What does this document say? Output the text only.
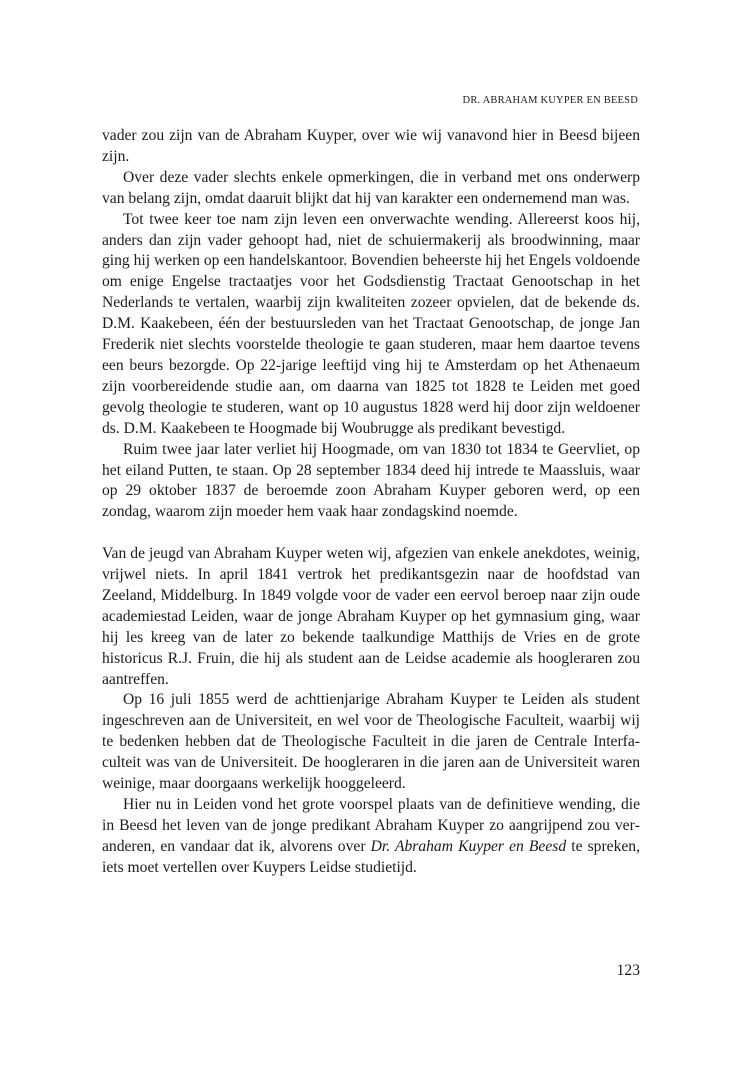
DR. ABRAHAM KUYPER EN BEESD

vader zou zijn van de Abraham Kuyper, over wie wij vanavond hier in Beesd bijeen zijn.

Over deze vader slechts enkele opmerkingen, die in verband met ons onderwerp van belang zijn, omdat daaruit blijkt dat hij van karakter een ondernemend man was.

Tot twee keer toe nam zijn leven een onverwachte wending. Allereerst koos hij, anders dan zijn vader gehoopt had, niet de schuiermakerij als broodwinning, maar ging hij werken op een handelskantoor. Bovendien beheerste hij het Engels voldoende om enige Engelse tractaatjes voor het Godsdienstig Tractaat Genootschap in het Nederlands te vertalen, waarbij zijn kwaliteiten zozeer opvielen, dat de bekende ds. D.M. Kaakebeen, één der bestuursleden van het Tractaat Genootschap, de jonge Jan Frederik niet slechts voorstelde theologie te gaan studeren, maar hem daartoe tevens een beurs bezorgde. Op 22-jarige leeftijd ving hij te Amsterdam op het Athenaeum zijn voorbereidende studie aan, om daarna van 1825 tot 1828 te Leiden met goed gevolg theologie te studeren, want op 10 augustus 1828 werd hij door zijn weldoener ds. D.M. Kaakebeen te Hoogmade bij Woubrugge als predikant bevestigd.

Ruim twee jaar later verliet hij Hoogmade, om van 1830 tot 1834 te Geervliet, op het eiland Putten, te staan. Op 28 september 1834 deed hij intrede te Maassluis, waar op 29 oktober 1837 de beroemde zoon Abraham Kuyper geboren werd, op een zondag, waarom zijn moeder hem vaak haar zondagskind noemde.

Van de jeugd van Abraham Kuyper weten wij, afgezien van enkele anekdotes, weinig, vrijwel niets. In april 1841 vertrok het predikantsgezin naar de hoofdstad van Zeeland, Middelburg. In 1849 volgde voor de vader een eervol beroep naar zijn oude academiestad Leiden, waar de jonge Abraham Kuyper op het gymnasium ging, waar hij les kreeg van de later zo bekende taalkundige Matthijs de Vries en de grote historicus R.J. Fruin, die hij als student aan de Leidse academie als hoogleraren zou aantreffen.

Op 16 juli 1855 werd de achttienjarige Abraham Kuyper te Leiden als student ingeschreven aan de Universiteit, en wel voor de Theologische Faculteit, waarbij wij te bedenken hebben dat de Theologische Faculteit in die jaren de Centrale Interfaculteit was van de Universiteit. De hoogleraren in die jaren aan de Universiteit waren weinige, maar doorgaans werkelijk hooggeleerd.

Hier nu in Leiden vond het grote voorspel plaats van de definitieve wending, die in Beesd het leven van de jonge predikant Abraham Kuyper zo aangrijpend zou veranderen, en vandaar dat ik, alvorens over Dr. Abraham Kuyper en Beesd te spreken, iets moet vertellen over Kuypers Leidse studietijd.

123
